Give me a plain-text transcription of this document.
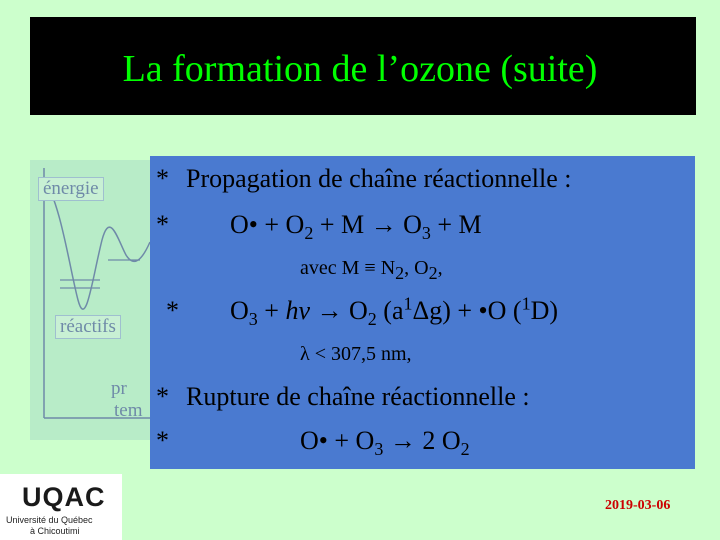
La formation de l’ozone (suite)
énergie
réactifs
pr
tem
* Propagation de chaîne réactionnelle :
* O• + $O_2 + M \to O_3 + M$
avec $M \equiv N_2$, $O_2$,
* $O_3 + h\nu \to O_2$ $(a^1\Delta g)$ + •O ($^1$D)
λ < 307,5 nm,
* Rupture de chaîne réactionnelle :
*	O• + $O_3 \to 2$ $O_2$
UQAC
Université du Québec
à Chicoutimi
2019-03-06
